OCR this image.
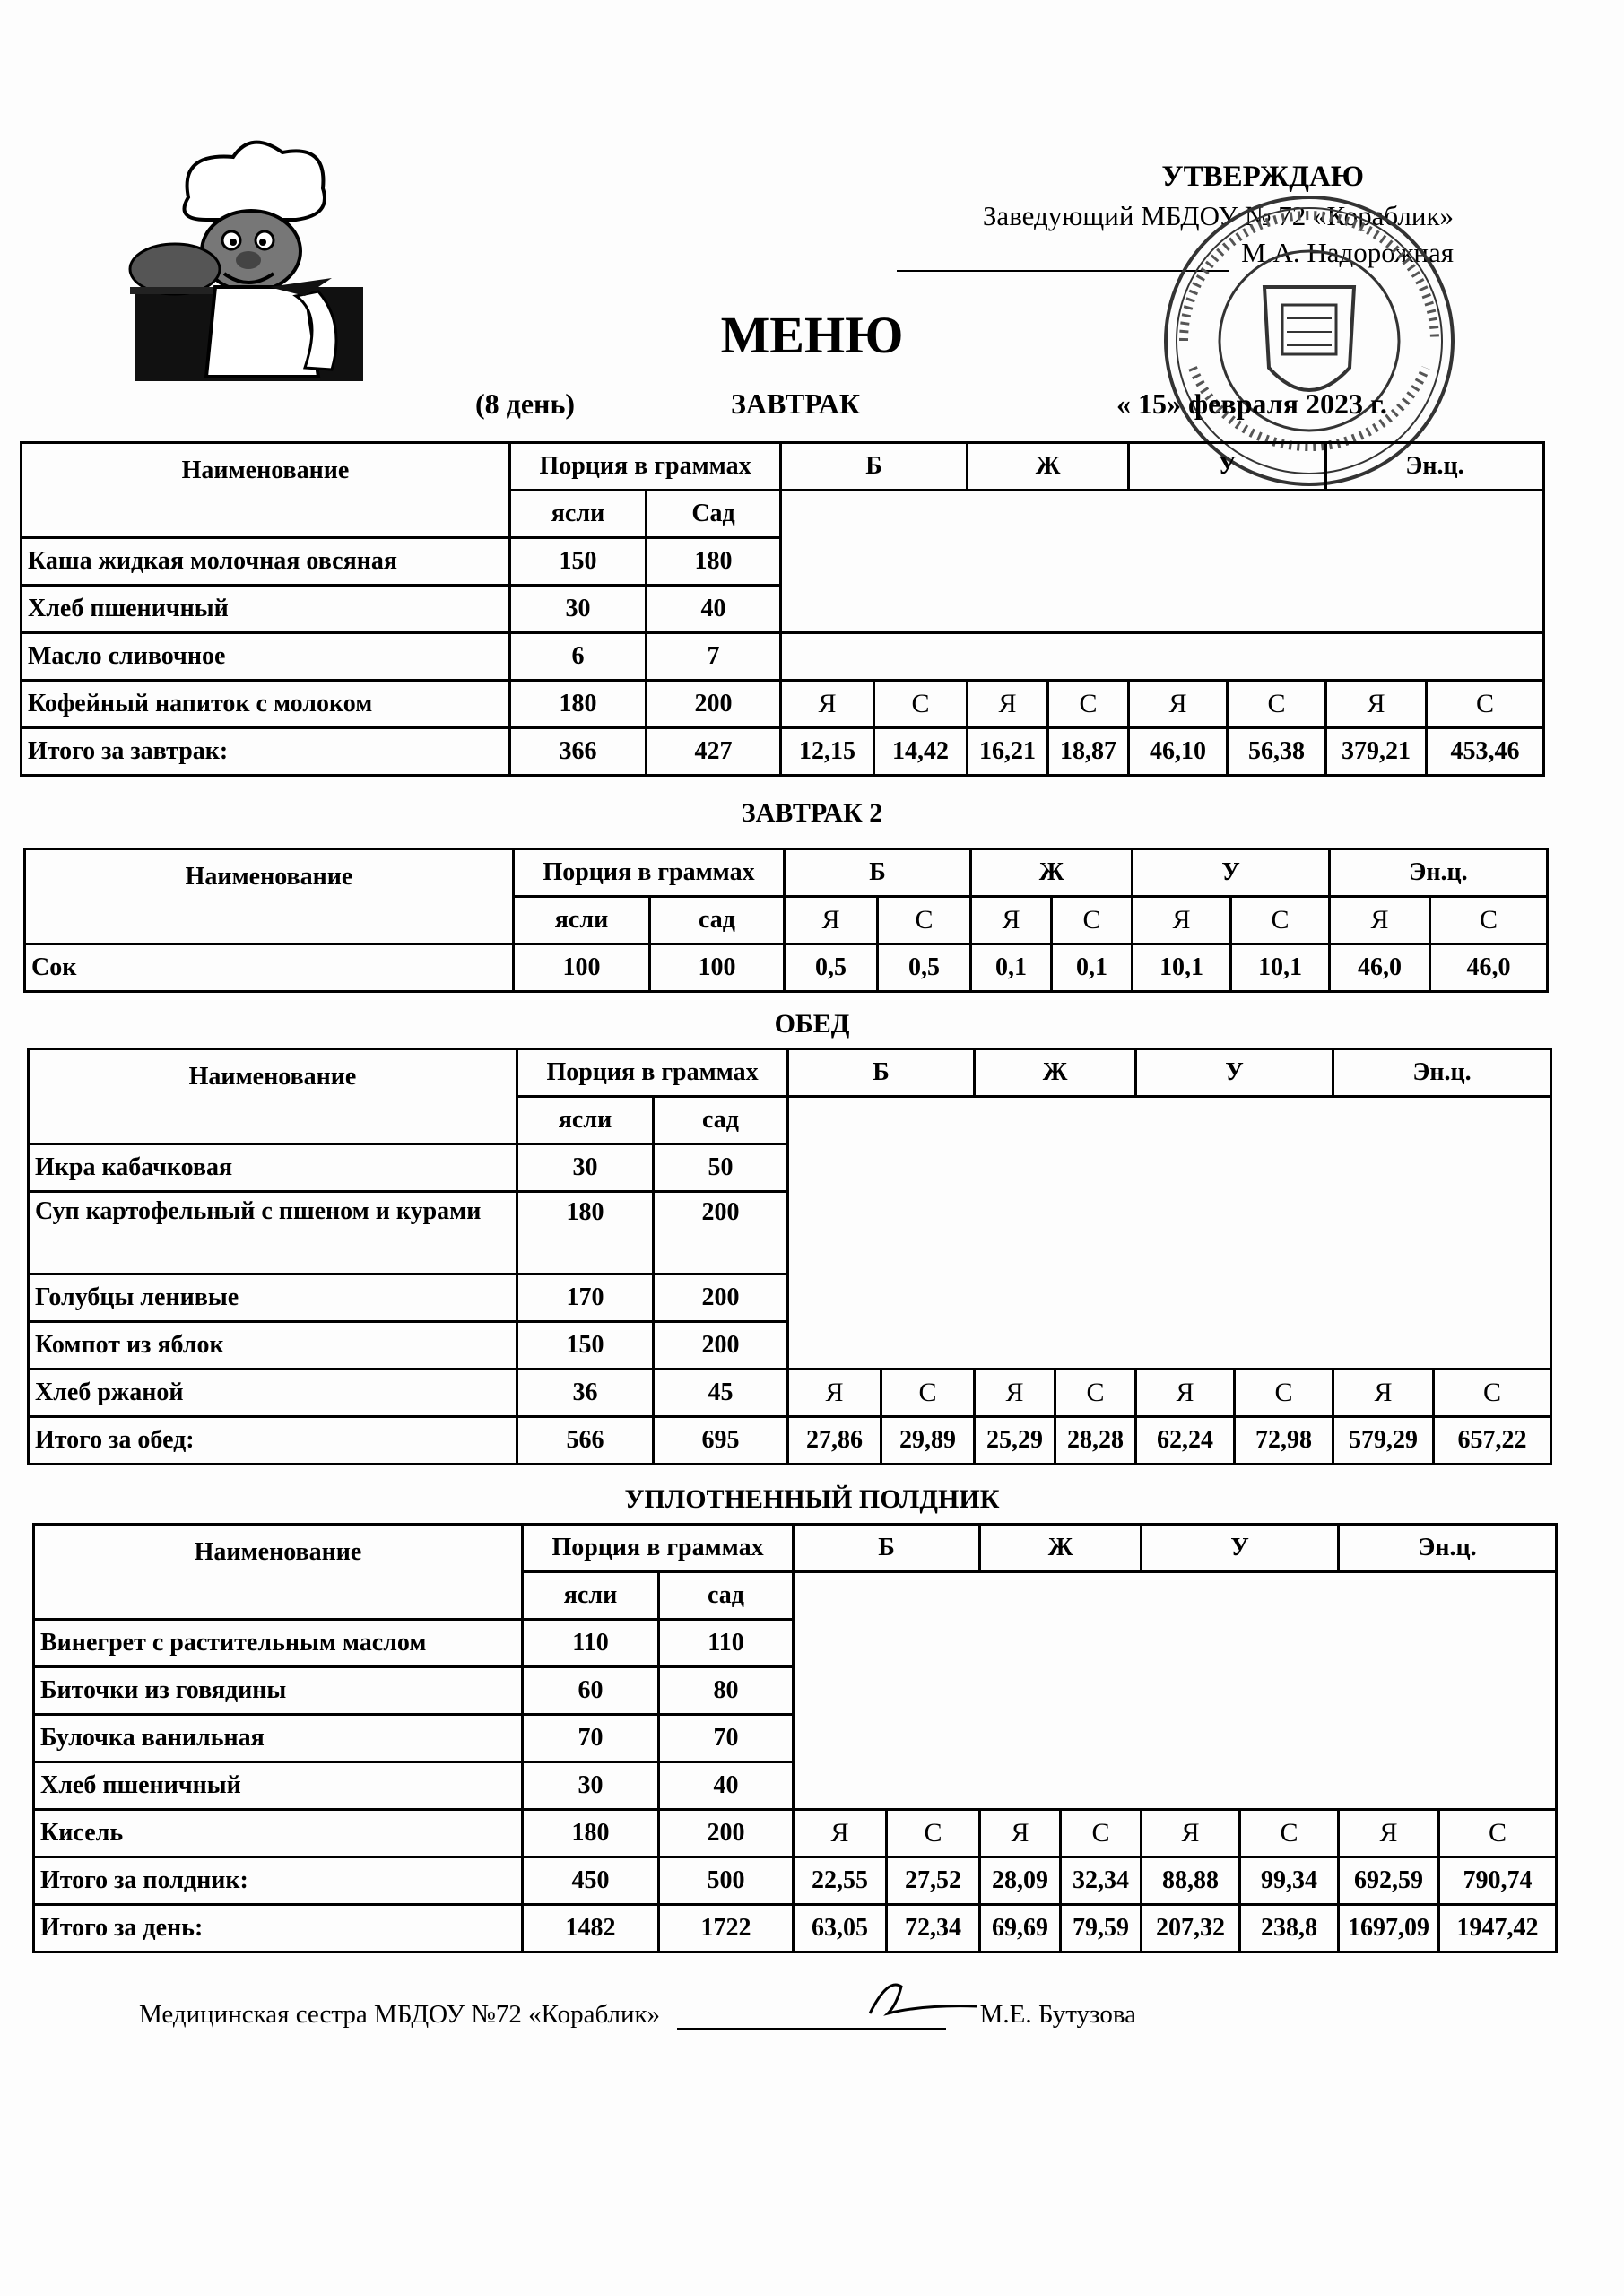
УТВЕРЖДАЮ
Заведующий МБДОУ № 72 «Кораблик»
М.А. Надорожная
МЕНЮ
(8 день)	ЗАВТРАК	« 15» февраля 2023 г.
Наименование	Порция в граммах		Б		Ж		У		Эн.ц.	
	ясли	Сад								
Каша жидкая молочная овсяная	150	180								
Хлеб пшеничный	30	40								
Масло сливочное	6	7								
Кофейный напиток с молоком	180	200	Я	С	Я	С	Я	С	Я	С
Итого за завтрак:	366	427	12,15	14,42	16,21	18,87	46,10	56,38	379,21	453,46
ЗАВТРАК 2
Наименование	Порция в граммах		Б		Ж		У		Эн.ц.	
	ясли	сад	Я	С	Я	С	Я	С	Я	С
Сок	100	100	0,5	0,5	0,1	0,1	10,1	10,1	46,0	46,0
ОБЕД
Наименование	Порция в граммах		Б		Ж		У		Эн.ц.	
	ясли	сад								
Икра кабачковая	30	50								
Суп картофельный с пшеном и курами	180	200								
Голубцы ленивые	170	200								
Компот из яблок	150	200								
Хлеб ржаной	36	45	Я	С	Я	С	Я	С	Я	С
Итого за обед:	566	695	27,86	29,89	25,29	28,28	62,24	72,98	579,29	657,22
УПЛОТНЕННЫЙ ПОЛДНИК
Наименование	Порция в граммах		Б		Ж		У		Эн.ц.	
	ясли	сад								
Винегрет с растительным маслом	110	110								
Биточки из говядины	60	80								
Булочка ванильная	70	70								
Хлеб пшеничный	30	40								
Кисель	180	200	Я	С	Я	С	Я	С	Я	С
Итого за полдник:	450	500	22,55	27,52	28,09	32,34	88,88	99,34	692,59	790,74
Итого за день:	1482	1722	63,05	72,34	69,69	79,59	207,32	238,8	1697,09	1947,42
Медицинская сестра МБДОУ №72 «Кораблик»	М.Е. Бутузова
